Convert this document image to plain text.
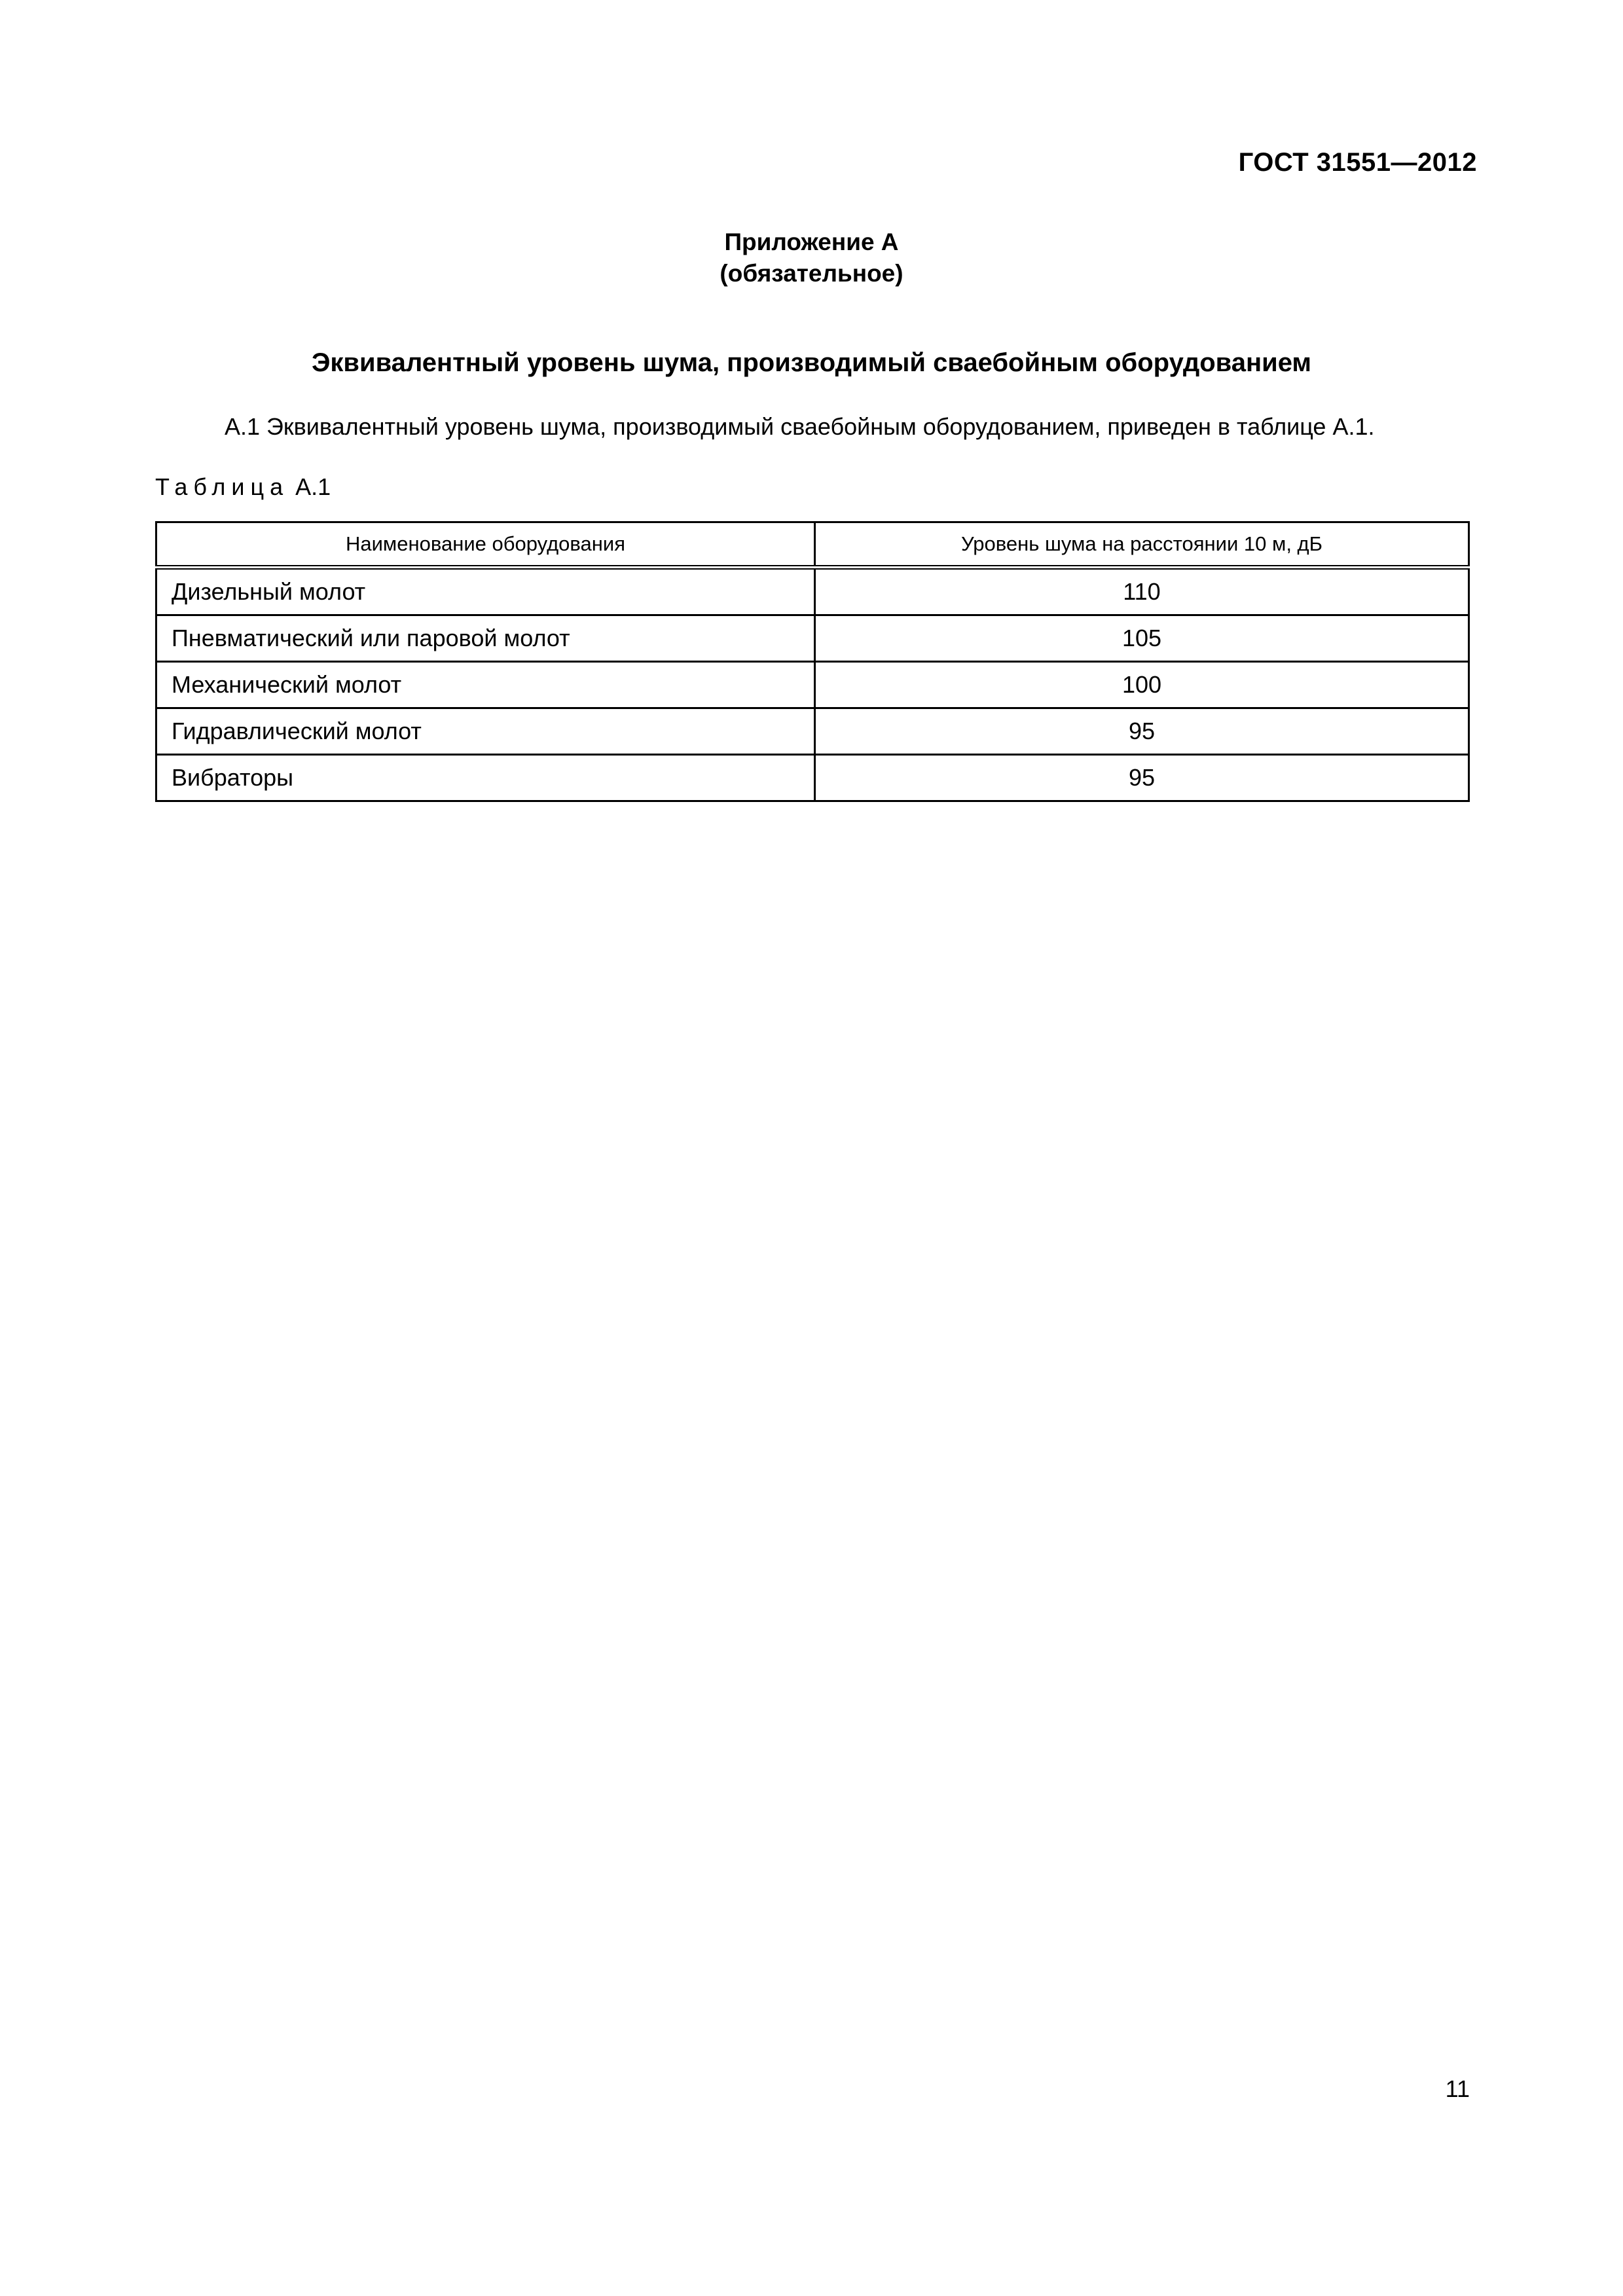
ГОСТ 31551—2012
Приложение А
(обязательное)
Эквивалентный уровень шума, производимый сваебойным оборудованием
А.1 Эквивалентный уровень шума, производимый сваебойным оборудованием, приведен в таблице А.1.
Таблица А.1
Наименование оборудования	Уровень шума на расстоянии 10 м, дБ
Дизельный молот	110
Пневматический или паровой молот	105
Механический молот	100
Гидравлический молот	95
Вибраторы	95
11
